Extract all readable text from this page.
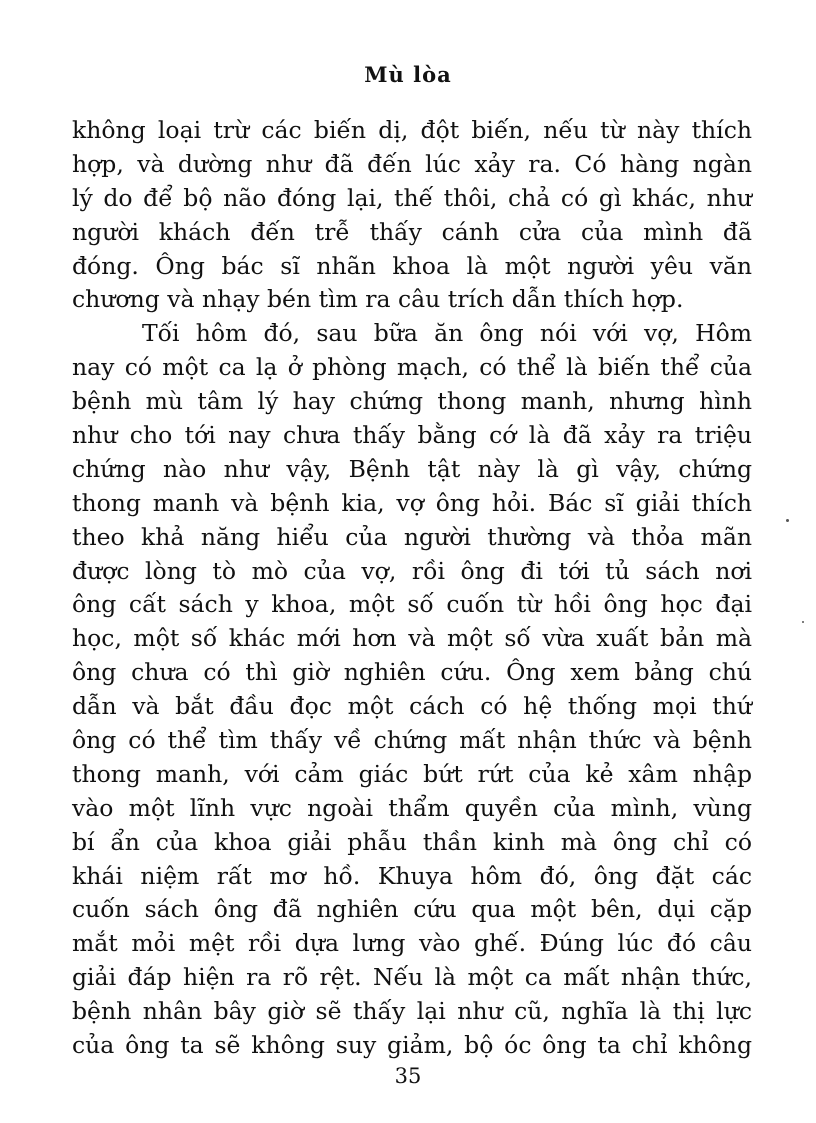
Mù lòa
không loại trừ các biến dị, đột biến, nếu từ này thích
hợp, và dường như đã đến lúc xảy ra. Có hàng ngàn
lý do để bộ não đóng lại, thế thôi, chả có gì khác, như
người khách đến trễ thấy cánh cửa của mình đã
đóng. Ông bác sĩ nhãn khoa là một người yêu văn
chương và nhạy bén tìm ra câu trích dẫn thích hợp.
Tối hôm đó, sau bữa ăn ông nói với vợ, Hôm
nay có một ca lạ ở phòng mạch, có thể là biến thể của
bệnh mù tâm lý hay chứng thong manh, nhưng hình
như cho tới nay chưa thấy bằng cớ là đã xảy ra triệu
chứng nào như vậy, Bệnh tật này là gì vậy, chứng
thong manh và bệnh kia, vợ ông hỏi. Bác sĩ giải thích
theo khả năng hiểu của người thường và thỏa mãn
được lòng tò mò của vợ, rồi ông đi tới tủ sách nơi
ông cất sách y khoa, một số cuốn từ hồi ông học đại
học, một số khác mới hơn và một số vừa xuất bản mà
ông chưa có thì giờ nghiên cứu. Ông xem bảng chú
dẫn và bắt đầu đọc một cách có hệ thống mọi thứ
ông có thể tìm thấy về chứng mất nhận thức và bệnh
thong manh, với cảm giác bứt rứt của kẻ xâm nhập
vào một lĩnh vực ngoài thẩm quyền của mình, vùng
bí ẩn của khoa giải phẫu thần kinh mà ông chỉ có
khái niệm rất mơ hồ. Khuya hôm đó, ông đặt các
cuốn sách ông đã nghiên cứu qua một bên, dụi cặp
mắt mỏi mệt rồi dựa lưng vào ghế. Đúng lúc đó câu
giải đáp hiện ra rõ rệt. Nếu là một ca mất nhận thức,
bệnh nhân bây giờ sẽ thấy lại như cũ, nghĩa là thị lực
của ông ta sẽ không suy giảm, bộ óc ông ta chỉ không
35
